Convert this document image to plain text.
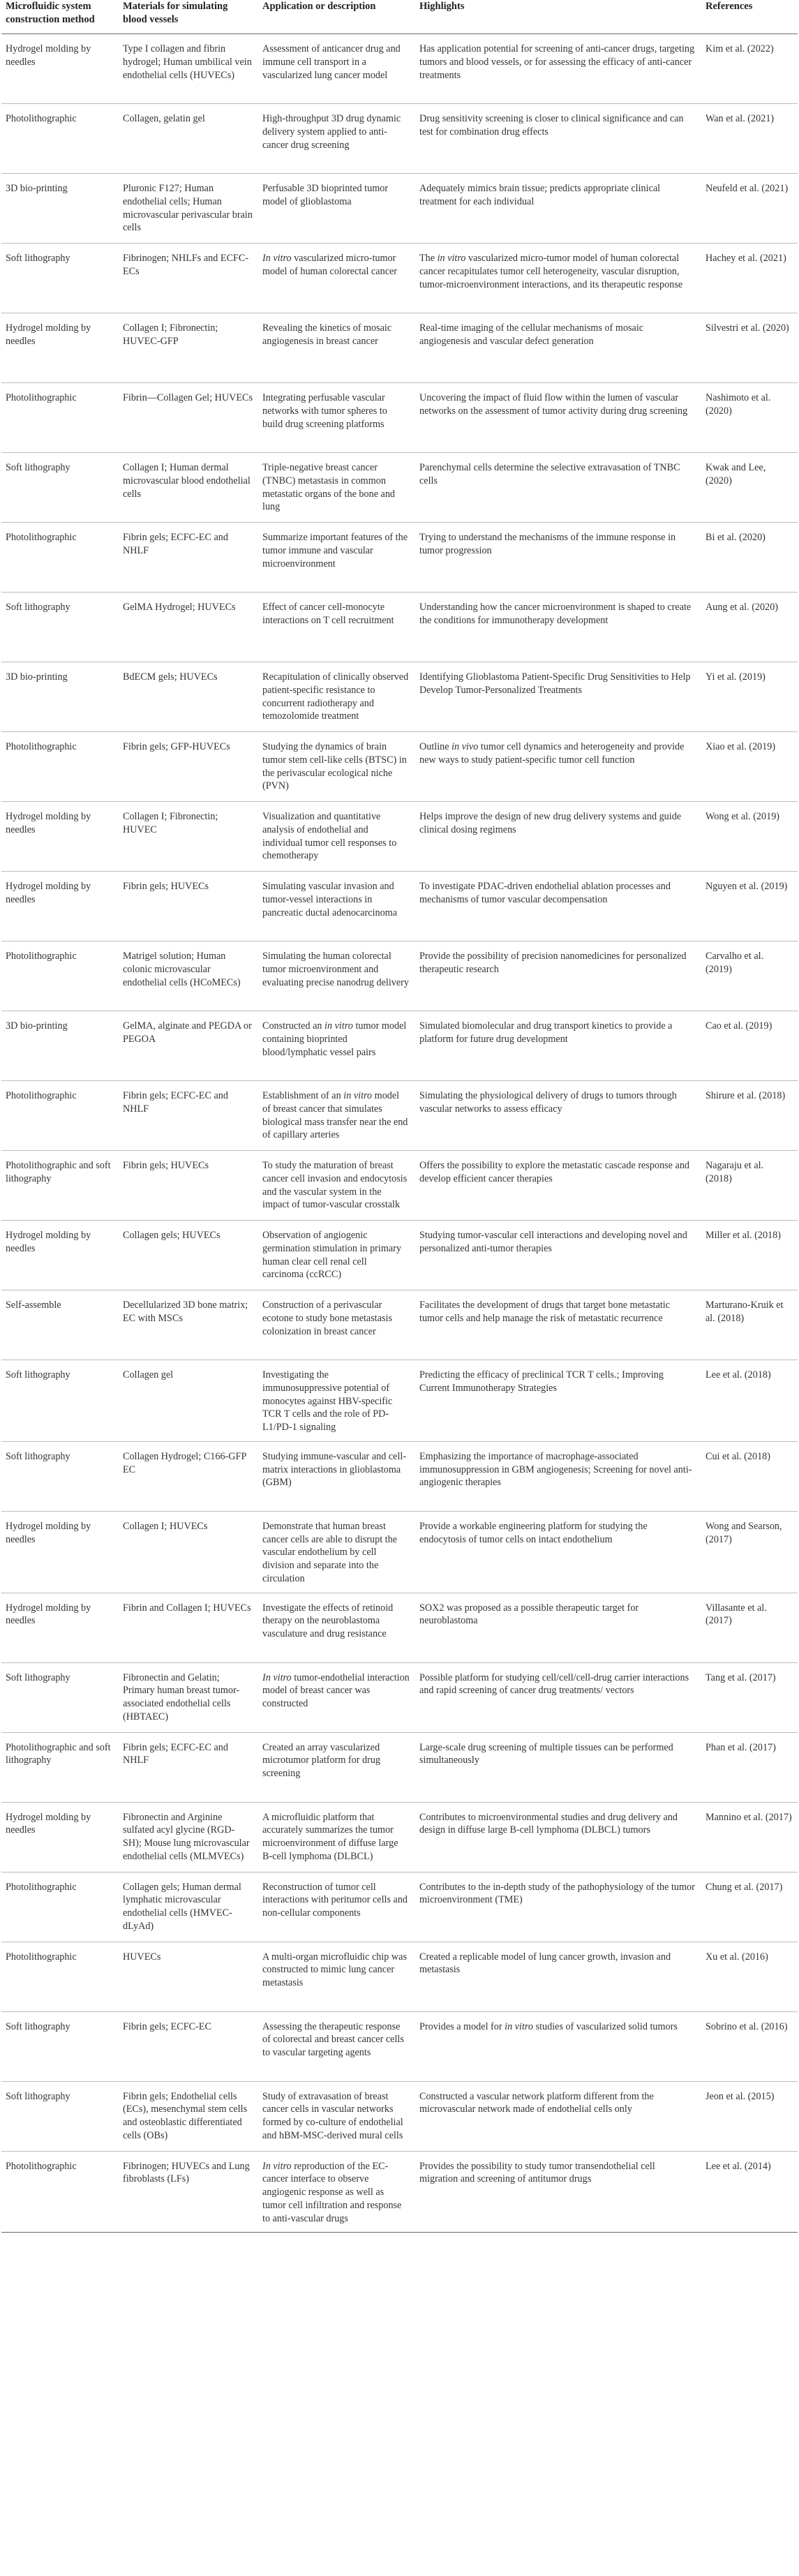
Microfluidic system construction method	Materials for simulating blood vessels	Application or description	Highlights	References
Hydrogel molding by needles	Type I collagen and fibrin hydrogel; Human umbilical vein endothelial cells (HUVECs)	Assessment of anticancer drug and immune cell transport in a vascularized lung cancer model	Has application potential for screening of anti-cancer drugs, targeting tumors and blood vessels, or for assessing the efficacy of anti-cancer treatments	Kim et al. (2022)
Photolithographic	Collagen, gelatin gel	High-throughput 3D drug dynamic delivery system applied to anti-cancer drug screening	Drug sensitivity screening is closer to clinical significance and can test for combination drug effects	Wan et al. (2021)
3D bio-printing	Pluronic F127; Human endothelial cells; Human microvascular perivascular brain cells	Perfusable 3D bioprinted tumor model of glioblastoma	Adequately mimics brain tissue; predicts appropriate clinical treatment for each individual	Neufeld et al. (2021)
Soft lithography	Fibrinogen; NHLFs and ECFC-ECs	In vitro vascularized micro-tumor model of human colorectal cancer	The in vitro vascularized micro-tumor model of human colorectal cancer recapitulates tumor cell heterogeneity, vascular disruption, tumor-microenvironment interactions, and its therapeutic response	Hachey et al. (2021)
Hydrogel molding by needles	Collagen I; Fibronectin; HUVEC-GFP	Revealing the kinetics of mosaic angiogenesis in breast cancer	Real-time imaging of the cellular mechanisms of mosaic angiogenesis and vascular defect generation	Silvestri et al. (2020)
Photolithographic	Fibrin—Collagen Gel; HUVECs	Integrating perfusable vascular networks with tumor spheres to build drug screening platforms	Uncovering the impact of fluid flow within the lumen of vascular networks on the assessment of tumor activity during drug screening	Nashimoto et al. (2020)
Soft lithography	Collagen I; Human dermal microvascular blood endothelial cells	Triple-negative breast cancer (TNBC) metastasis in common metastatic organs of the bone and lung	Parenchymal cells determine the selective extravasation of TNBC cells	Kwak and Lee, (2020)
Photolithographic	Fibrin gels; ECFC-EC and NHLF	Summarize important features of the tumor immune and vascular microenvironment	Trying to understand the mechanisms of the immune response in tumor progression	Bi et al. (2020)
Soft lithography	GelMA Hydrogel; HUVECs	Effect of cancer cell-monocyte interactions on T cell recruitment	Understanding how the cancer microenvironment is shaped to create the conditions for immunotherapy development	Aung et al. (2020)
3D bio-printing	BdECM gels; HUVECs	Recapitulation of clinically observed patient-specific resistance to concurrent radiotherapy and temozolomide treatment	Identifying Glioblastoma Patient-Specific Drug Sensitivities to Help Develop Tumor-Personalized Treatments	Yi et al. (2019)
Photolithographic	Fibrin gels; GFP-HUVECs	Studying the dynamics of brain tumor stem cell-like cells (BTSC) in the perivascular ecological niche (PVN)	Outline in vivo tumor cell dynamics and heterogeneity and provide new ways to study patient-specific tumor cell function	Xiao et al. (2019)
Hydrogel molding by needles	Collagen I; Fibronectin; HUVEC	Visualization and quantitative analysis of endothelial and individual tumor cell responses to chemotherapy	Helps improve the design of new drug delivery systems and guide clinical dosing regimens	Wong et al. (2019)
Hydrogel molding by needles	Fibrin gels; HUVECs	Simulating vascular invasion and tumor-vessel interactions in pancreatic ductal adenocarcinoma	To investigate PDAC-driven endothelial ablation processes and mechanisms of tumor vascular decompensation	Nguyen et al. (2019)
Photolithographic	Matrigel solution; Human colonic microvascular endothelial cells (HCoMECs)	Simulating the human colorectal tumor microenvironment and evaluating precise nanodrug delivery	Provide the possibility of precision nanomedicines for personalized therapeutic research	Carvalho et al. (2019)
3D bio-printing	GelMA, alginate and PEGDA or PEGOA	Constructed an in vitro tumor model containing bioprinted blood/lymphatic vessel pairs	Simulated biomolecular and drug transport kinetics to provide a platform for future drug development	Cao et al. (2019)
Photolithographic	Fibrin gels; ECFC-EC and NHLF	Establishment of an in vitro model of breast cancer that simulates biological mass transfer near the end of capillary arteries	Simulating the physiological delivery of drugs to tumors through vascular networks to assess efficacy	Shirure et al. (2018)
Photolithographic and soft lithography	Fibrin gels; HUVECs	To study the maturation of breast cancer cell invasion and endocytosis and the vascular system in the impact of tumor-vascular crosstalk	Offers the possibility to explore the metastatic cascade response and develop efficient cancer therapies	Nagaraju et al. (2018)
Hydrogel molding by needles	Collagen gels; HUVECs	Observation of angiogenic germination stimulation in primary human clear cell renal cell carcinoma (ccRCC)	Studying tumor-vascular cell interactions and developing novel and personalized anti-tumor therapies	Miller et al. (2018)
Self-assemble	Decellularized 3D bone matrix; EC with MSCs	Construction of a perivascular ecotone to study bone metastasis colonization in breast cancer	Facilitates the development of drugs that target bone metastatic tumor cells and help manage the risk of metastatic recurrence	Marturano-Kruik et al. (2018)
Soft lithography	Collagen gel	Investigating the immunosuppressive potential of monocytes against HBV-specific TCR T cells and the role of PD-L1/PD-1 signaling	Predicting the efficacy of preclinical TCR T cells.; Improving Current Immunotherapy Strategies	Lee et al. (2018)
Soft lithography	Collagen Hydrogel; C166-GFP EC	Studying immune-vascular and cell-matrix interactions in glioblastoma (GBM)	Emphasizing the importance of macrophage-associated immunosuppression in GBM angiogenesis; Screening for novel anti-angiogenic therapies	Cui et al. (2018)
Hydrogel molding by needles	Collagen I; HUVECs	Demonstrate that human breast cancer cells are able to disrupt the vascular endothelium by cell division and separate into the circulation	Provide a workable engineering platform for studying the endocytosis of tumor cells on intact endothelium	Wong and Searson, (2017)
Hydrogel molding by needles	Fibrin and Collagen I; HUVECs	Investigate the effects of retinoid therapy on the neuroblastoma vasculature and drug resistance	SOX2 was proposed as a possible therapeutic target for neuroblastoma	Villasante et al. (2017)
Soft lithography	Fibronectin and Gelatin; Primary human breast tumor-associated endothelial cells (HBTAEC)	In vitro tumor-endothelial interaction model of breast cancer was constructed	Possible platform for studying cell/cell/cell-drug carrier interactions and rapid screening of cancer drug treatments/ vectors	Tang et al. (2017)
Photolithographic and soft lithography	Fibrin gels; ECFC-EC and NHLF	Created an array vascularized microtumor platform for drug screening	Large-scale drug screening of multiple tissues can be performed simultaneously	Phan et al. (2017)
Hydrogel molding by needles	Fibronectin and Arginine sulfated acyl glycine (RGD-SH); Mouse lung microvascular endothelial cells (MLMVECs)	A microfluidic platform that accurately summarizes the tumor microenvironment of diffuse large B-cell lymphoma (DLBCL)	Contributes to microenvironmental studies and drug delivery and design in diffuse large B-cell lymphoma (DLBCL) tumors	Mannino et al. (2017)
Photolithographic	Collagen gels; Human dermal lymphatic microvascular endothelial cells (HMVEC-dLyAd)	Reconstruction of tumor cell interactions with peritumor cells and non-cellular components	Contributes to the in-depth study of the pathophysiology of the tumor microenvironment (TME)	Chung et al. (2017)
Photolithographic	HUVECs	A multi-organ microfluidic chip was constructed to mimic lung cancer metastasis	Created a replicable model of lung cancer growth, invasion and metastasis	Xu et al. (2016)
Soft lithography	Fibrin gels; ECFC-EC	Assessing the therapeutic response of colorectal and breast cancer cells to vascular targeting agents	Provides a model for in vitro studies of vascularized solid tumors	Sobrino et al. (2016)
Soft lithography	Fibrin gels; Endothelial cells (ECs), mesenchymal stem cells and osteoblastic differentiated cells (OBs)	Study of extravasation of breast cancer cells in vascular networks formed by co-culture of endothelial and hBM-MSC-derived mural cells	Constructed a vascular network platform different from the microvascular network made of endothelial cells only	Jeon et al. (2015)
Photolithographic	Fibrinogen; HUVECs and Lung fibroblasts (LFs)	In vitro reproduction of the EC-cancer interface to observe angiogenic response as well as tumor cell infiltration and response to anti-vascular drugs	Provides the possibility to study tumor transendothelial cell migration and screening of antitumor drugs	Lee et al. (2014)
